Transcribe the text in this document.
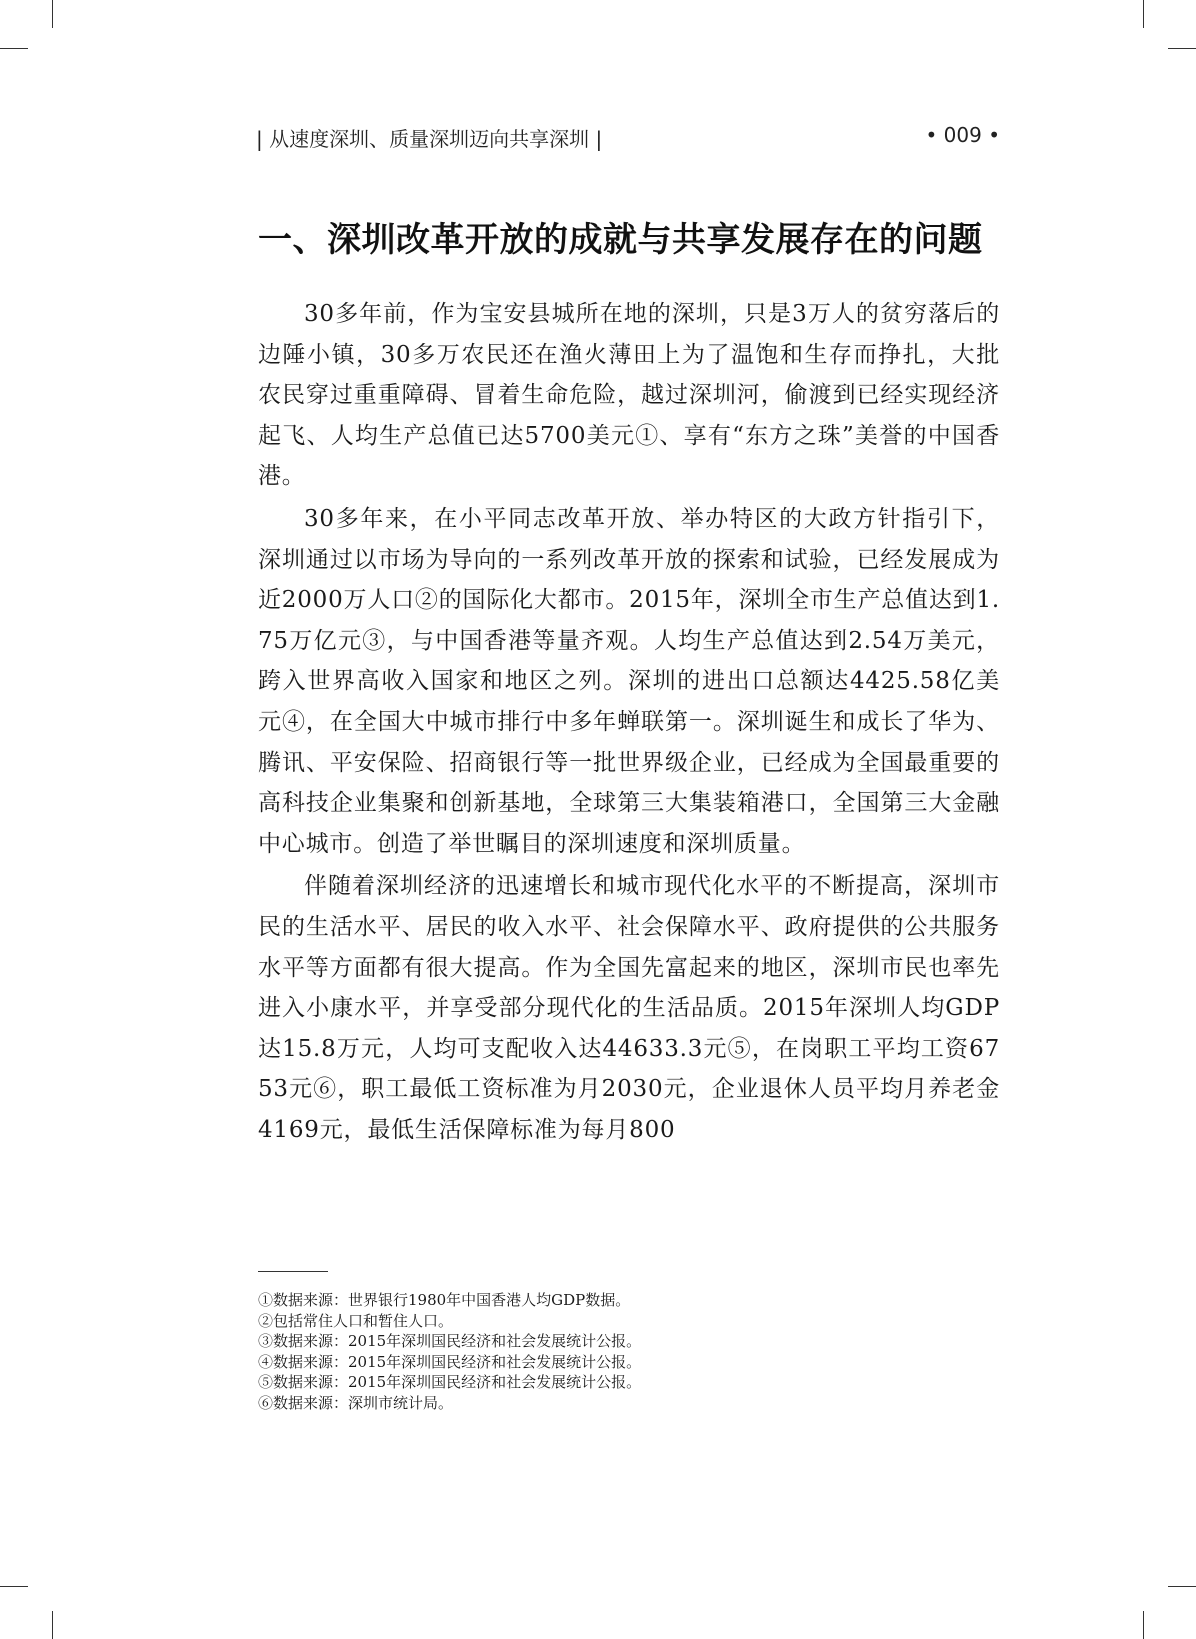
| 从速度深圳、质量深圳迈向共享深圳 |	• 009 •
一、深圳改革开放的成就与共享发展存在的问题

30多年前，作为宝安县城所在地的深圳，只是3万人的贫穷落后的边陲小镇，30多万农民还在渔火薄田上为了温饱和生存而挣扎，大批农民穿过重重障碍、冒着生命危险，越过深圳河，偷渡到已经实现经济起飞、人均生产总值已达5700美元①、享有“东方之珠”美誉的中国香港。

30多年来，在小平同志改革开放、举办特区的大政方针指引下，深圳通过以市场为导向的一系列改革开放的探索和试验，已经发展成为近2000万人口②的国际化大都市。2015年，深圳全市生产总值达到1.75万亿元③，与中国香港等量齐观。人均生产总值达到2.54万美元，跨入世界高收入国家和地区之列。深圳的进出口总额达4425.58亿美元④，在全国大中城市排行中多年蝉联第一。深圳诞生和成长了华为、腾讯、平安保险、招商银行等一批世界级企业，已经成为全国最重要的高科技企业集聚和创新基地，全球第三大集装箱港口，全国第三大金融中心城市。创造了举世瞩目的深圳速度和深圳质量。

伴随着深圳经济的迅速增长和城市现代化水平的不断提高，深圳市民的生活水平、居民的收入水平、社会保障水平、政府提供的公共服务水平等方面都有很大提高。作为全国先富起来的地区，深圳市民也率先进入小康水平，并享受部分现代化的生活品质。2015年深圳人均GDP达15.8万元，人均可支配收入达44633.3元⑤，在岗职工平均工资6753元⑥，职工最低工资标准为月2030元，企业退休人员平均月养老金4169元，最低生活保障标准为每月800

①数据来源：世界银行1980年中国香港人均GDP数据。
②包括常住人口和暂住人口。
③数据来源：2015年深圳国民经济和社会发展统计公报。
④数据来源：2015年深圳国民经济和社会发展统计公报。
⑤数据来源：2015年深圳国民经济和社会发展统计公报。
⑥数据来源：深圳市统计局。
